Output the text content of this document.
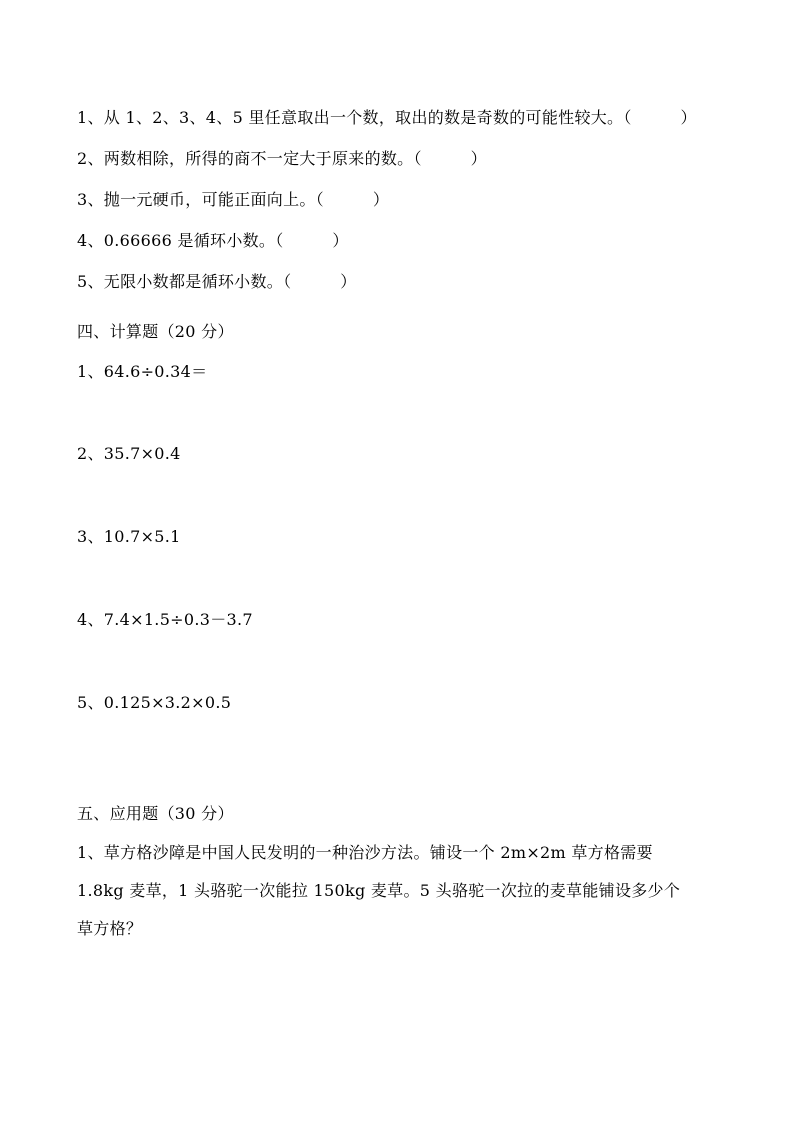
1、从 1、2、3、4、5 里任意取出一个数，取出的数是奇数的可能性较大。（　　　）
2、两数相除，所得的商不一定大于原来的数。（　　　）
3、抛一元硬币，可能正面向上。（　　　）
4、0.66666 是循环小数。（　　　）
5、无限小数都是循环小数。（　　　）
四、计算题（20 分）
1、64.6÷0.34＝
2、35.7×0.4
3、10.7×5.1
4、7.4×1.5÷0.3－3.7
5、0.125×3.2×0.5
五、应用题（30 分）
1、草方格沙障是中国人民发明的一种治沙方法。铺设一个 2m×2m 草方格需要
1.8kg 麦草，1 头骆驼一次能拉 150kg 麦草。5 头骆驼一次拉的麦草能铺设多少个
草方格？
